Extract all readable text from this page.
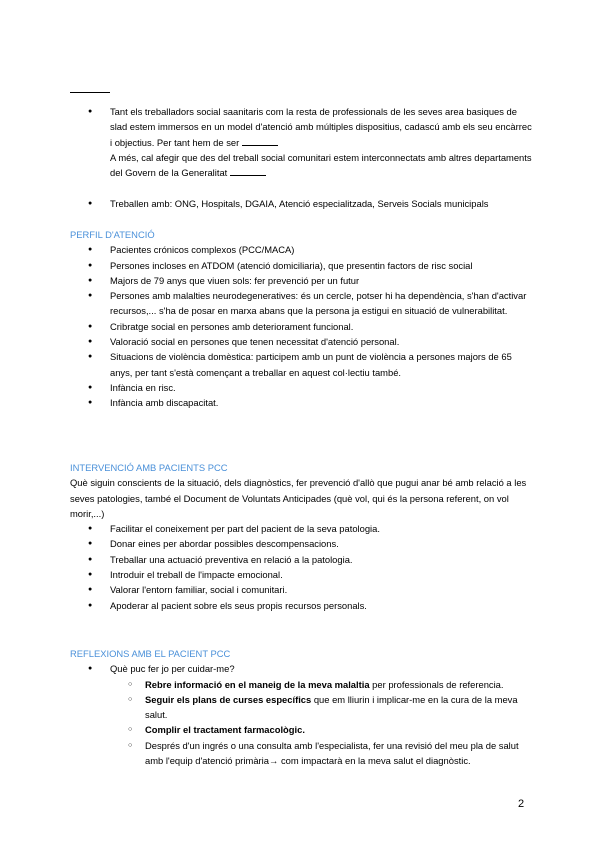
● Tant els treballadors social saanitaris com la resta de professionals de les seves area basiques de slad estem immersos en un model d'atenció amb múltiples dispositius, cadascú amb els seu encàrrec i objectius. Per tant hem de ser
A més, cal afegir que des del treball social comunitari estem interconnectats amb altres departaments del Govern de la Generalitat
● Treballen amb: ONG, Hospitals, DGAIA, Atenció especialitzada, Serveis Socials municipals
PERFIL D'ATENCIÓ
● Pacientes crónicos complexos (PCC/MACA)
● Persones incloses en ATDOM (atenció domiciliaria), que presentin factors de risc social
● Majors de 79 anys que viuen sols: fer prevenció per un futur
● Persones amb malalties neurodegeneratives: és un cercle, potser hi ha dependència, s'han d'activar recursos,... s'ha de posar en marxa abans que la persona ja estigui en situació de vulnerabilitat.
● Cribratge social en persones amb deteriorament funcional.
● Valoració social en persones que tenen necessitat d'atenció personal.
● Situacions de violència domèstica: participem amb un punt de violència a persones majors de 65 anys, per tant s'està començant a treballar en aquest col·lectiu també.
● Infància en risc.
● Infància amb discapacitat.
INTERVENCIÓ AMB PACIENTS PCC
Què siguin conscients de la situació, dels diagnòstics, fer prevenció d'allò que pugui anar bé amb relació a les seves patologies, també el Document de Voluntats Anticipades (què vol, qui és la persona referent, on vol morir,...)
● Facilitar el coneixement per part del pacient de la seva patologia.
● Donar eines per abordar possibles descompensacions.
● Treballar una actuació preventiva en relació a la patologia.
● Introduir el treball de l'impacte emocional.
● Valorar l'entorn familiar, social i comunitari.
● Apoderar al pacient sobre els seus propis recursos personals.
REFLEXIONS AMB EL PACIENT PCC
● Què puc fer jo per cuidar-me?
○ Rebre informació en el maneig de la meva malaltia per professionals de referencia.
○ Seguir els plans de curses específics que em lliurin i implicar-me en la cura de la meva salut.
○ Complir el tractament farmacològic.
○ Després d'un ingrés o una consulta amb l'especialista, fer una revisió del meu pla de salut amb l'equip d'atenció primària→ com impactarà en la meva salut el diagnòstic.
2
